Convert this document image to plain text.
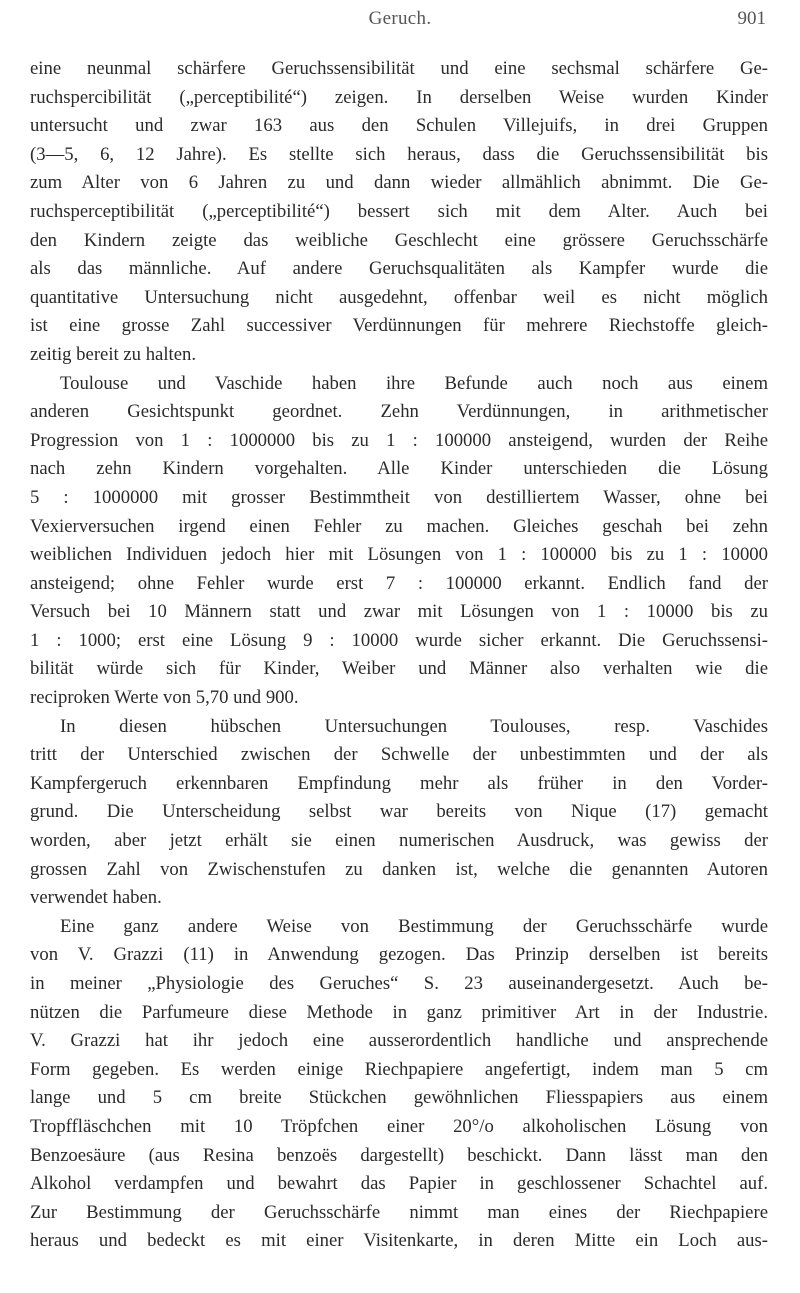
Geruch.	901
eine neunmal schärfere Geruchssensibilität und eine sechsmal schärfere Ge-
ruchspercibilität („perceptibilité“) zeigen. In derselben Weise wurden Kinder
untersucht und zwar 163 aus den Schulen Villejuifs, in drei Gruppen
(3—5, 6, 12 Jahre). Es stellte sich heraus, dass die Geruchssensibilität bis
zum Alter von 6 Jahren zu und dann wieder allmählich abnimmt. Die Ge-
ruchsperceptibilität („perceptibilité“) bessert sich mit dem Alter. Auch bei
den Kindern zeigte das weibliche Geschlecht eine grössere Geruchsschärfe
als das männliche. Auf andere Geruchsqualitäten als Kampfer wurde die
quantitative Untersuchung nicht ausgedehnt, offenbar weil es nicht möglich
ist eine grosse Zahl successiver Verdünnungen für mehrere Riechstoffe gleich-
zeitig bereit zu halten.
Toulouse und Vaschide haben ihre Befunde auch noch aus einem
anderen Gesichtspunkt geordnet. Zehn Verdünnungen, in arithmetischer
Progression von 1 : 1000000 bis zu 1 : 100000 ansteigend, wurden der Reihe
nach zehn Kindern vorgehalten. Alle Kinder unterschieden die Lösung
5 : 1000000 mit grosser Bestimmtheit von destilliertem Wasser, ohne bei
Vexierversuchen irgend einen Fehler zu machen. Gleiches geschah bei zehn
weiblichen Individuen jedoch hier mit Lösungen von 1 : 100000 bis zu 1 : 10000
ansteigend; ohne Fehler wurde erst 7 : 100000 erkannt. Endlich fand der
Versuch bei 10 Männern statt und zwar mit Lösungen von 1 : 10000 bis zu
1 : 1000; erst eine Lösung 9 : 10000 wurde sicher erkannt. Die Geruchssensi-
bilität würde sich für Kinder, Weiber und Männer also verhalten wie die
reciproken Werte von 5,70 und 900.
In diesen hübschen Untersuchungen Toulouses, resp. Vaschides
tritt der Unterschied zwischen der Schwelle der unbestimmten und der als
Kampfergeruch erkennbaren Empfindung mehr als früher in den Vorder-
grund. Die Unterscheidung selbst war bereits von Nique (17) gemacht
worden, aber jetzt erhält sie einen numerischen Ausdruck, was gewiss der
grossen Zahl von Zwischenstufen zu danken ist, welche die genannten Autoren
verwendet haben.
Eine ganz andere Weise von Bestimmung der Geruchsschärfe wurde
von V. Grazzi (11) in Anwendung gezogen. Das Prinzip derselben ist bereits
in meiner „Physiologie des Geruches“ S. 23 auseinandergesetzt. Auch be-
nützen die Parfumeure diese Methode in ganz primitiver Art in der Industrie.
V. Grazzi hat ihr jedoch eine ausserordentlich handliche und ansprechende
Form gegeben. Es werden einige Riechpapiere angefertigt, indem man 5 cm
lange und 5 cm breite Stückchen gewöhnlichen Fliesspapiers aus einem
Tropffläschchen mit 10 Tröpfchen einer 20°/o alkoholischen Lösung von
Benzoesäure (aus Resina benzoës dargestellt) beschickt. Dann lässt man den
Alkohol verdampfen und bewahrt das Papier in geschlossener Schachtel auf.
Zur Bestimmung der Geruchsschärfe nimmt man eines der Riechpapiere
heraus und bedeckt es mit einer Visitenkarte, in deren Mitte ein Loch aus-
